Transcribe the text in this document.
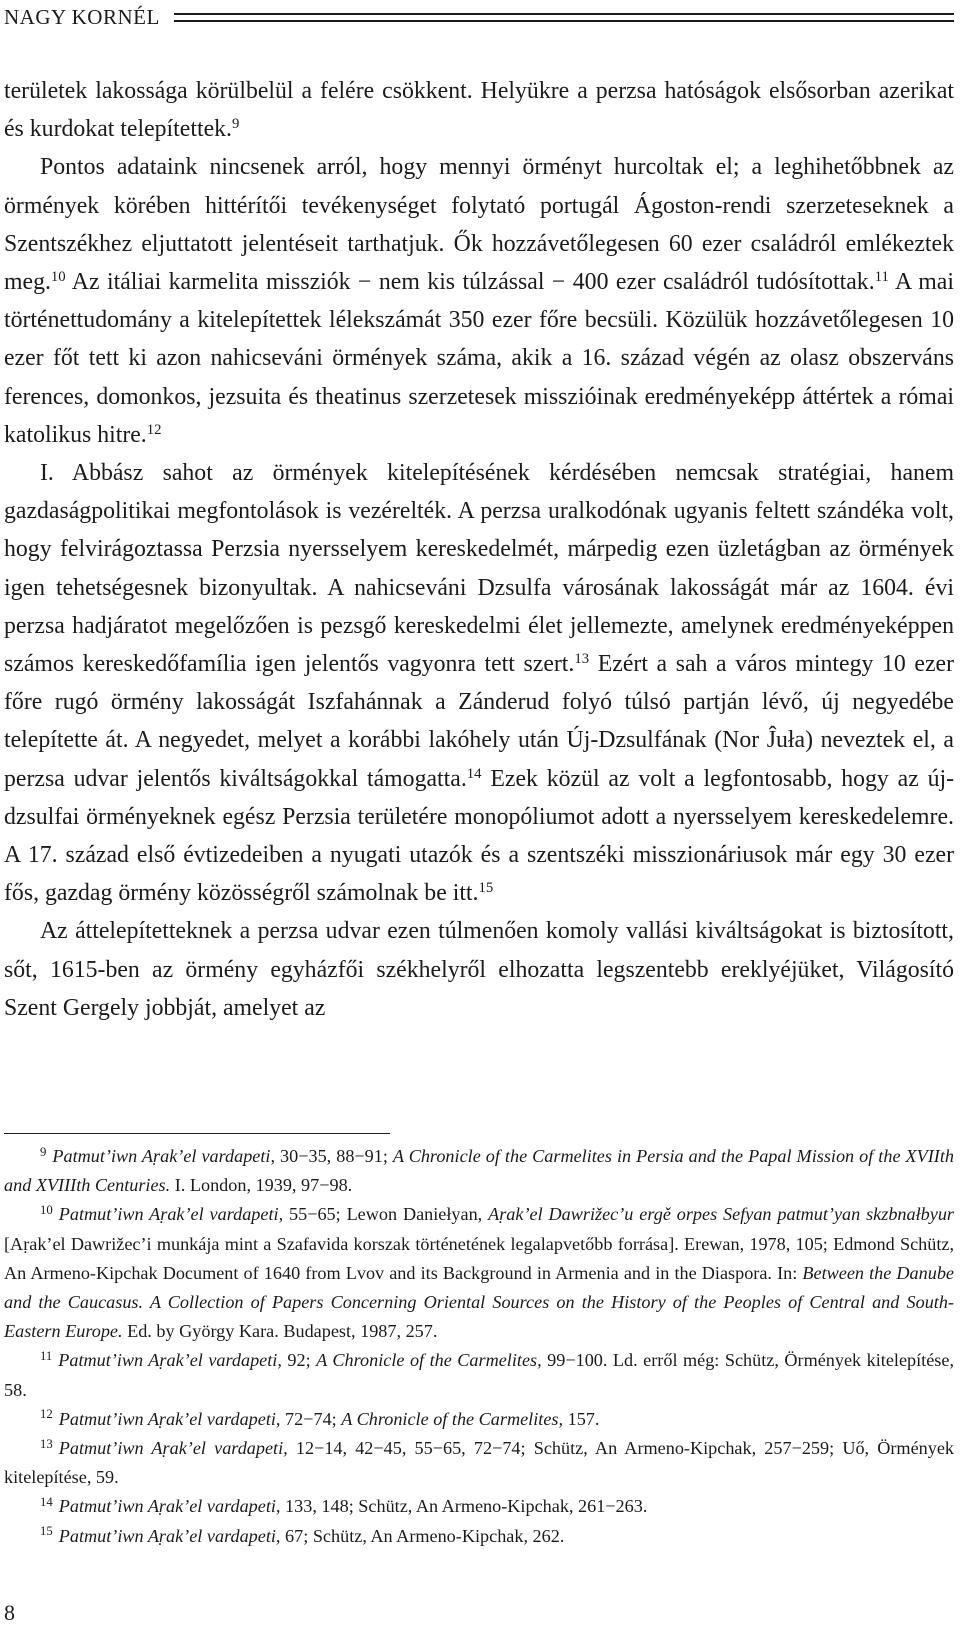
NAGY KORNÉL

területek lakossága körülbelül a felére csökkent. Helyükre a perzsa hatóságok elsősorban azerikat és kurdokat telepítettek.$^9$

Pontos adataink nincsenek arról, hogy mennyi örményt hurcoltak el; a leghihetőbbnek az örmények körében hittérítői tevékenységet folytató portugál Ágoston-rendi szerzeteseknek a Szentszékhez eljuttatott jelentéseit tarthatjuk. Ők hozzávetőlegesen 60 ezer családról emlékeztek meg.$^{10}$ Az itáliai karmelita missziók − nem kis túlzással − 400 ezer családról tudósítottak.$^{11}$ A mai történettudomány a kitelepítettek lélekszámát 350 ezer főre becsüli. Közülük hozzávetőlegesen 10 ezer főt tett ki azon nahicseváni örmények száma, akik a 16. század végén az olasz obszerváns ferences, domonkos, jezsuita és theatinus szerzetesek misszióinak eredményeképp áttértek a római katolikus hitre.$^{12}$

I. Abbász sahot az örmények kitelepítésének kérdésében nemcsak stratégiai, hanem gazdaságpolitikai megfontolások is vezérelték. A perzsa uralkodónak ugyanis feltett szándéka volt, hogy felvirágoztassa Perzsia nyersselyem kereskedelmét, márpedig ezen üzletágban az örmények igen tehetségesnek bizonyultak. A nahicseváni Dzsulfa városának lakosságát már az 1604. évi perzsa hadjáratot megelőzően is pezsgő kereskedelmi élet jellemezte, amelynek eredményeképpen számos kereskedőfamília igen jelentős vagyonra tett szert.$^{13}$ Ezért a sah a város mintegy 10 ezer főre rugó örmény lakosságát Iszfahánnak a Zánderud folyó túlsó partján lévő, új negyedébe telepítette át. A negyedet, melyet a korábbi lakóhely után Új-Dzsulfának (Nor Ĵuła) neveztek el, a perzsa udvar jelentős kiváltságokkal támogatta.$^{14}$ Ezek közül az volt a legfontosabb, hogy az új-dzsulfai örményeknek egész Perzsia területére monopóliumot adott a nyersselyem kereskedelemre. A 17. század első évtizedeiben a nyugati utazók és a szentszéki misszionáriusok már egy 30 ezer fős, gazdag örmény közösségről számolnak be itt.$^{15}$

Az áttelepítetteknek a perzsa udvar ezen túlmenően komoly vallási kiváltságokat is biztosított, sőt, 1615-ben az örmény egyházfői székhelyről elhozatta legszentebb ereklyéjüket, Világosító Szent Gergely jobbját, amelyet az

$^9$ Patmut’iwn Aṛak’el vardapeti, 30−35, 88−91; A Chronicle of the Carmelites in Persia and the Papal Mission of the XVIIth and XVIIIth Centuries. I. London, 1939, 97−98.

$^{10}$ Patmut’iwn Aṛak’el vardapeti, 55−65; Lewon Daniełyan, Aṛak’el Dawrižec’u ergě orpes Sefyan patmut’yan skzbnałbyur [Aṛak’el Dawrižec’i munkája mint a Szafavida korszak történetének legalapvetőbb forrása]. Erewan, 1978, 105; Edmond Schütz, An Armeno-Kipchak Document of 1640 from Lvov and its Background in Armenia and in the Diaspora. In: Between the Danube and the Caucasus. A Collection of Papers Concerning Oriental Sources on the History of the Peoples of Central and South-Eastern Europe. Ed. by György Kara. Budapest, 1987, 257.

$^{11}$ Patmut’iwn Aṛak’el vardapeti, 92; A Chronicle of the Carmelites, 99−100. Ld. erről még: Schütz, Örmények kitelepítése, 58.

$^{12}$ Patmut’iwn Aṛak’el vardapeti, 72−74; A Chronicle of the Carmelites, 157.

$^{13}$ Patmut’iwn Aṛak’el vardapeti, 12−14, 42−45, 55−65, 72−74; Schütz, An Armeno-Kipchak, 257−259; Uő, Örmények kitelepítése, 59.

$^{14}$ Patmut’iwn Aṛak’el vardapeti, 133, 148; Schütz, An Armeno-Kipchak, 261−263.

$^{15}$ Patmut’iwn Aṛak’el vardapeti, 67; Schütz, An Armeno-Kipchak, 262.

8
